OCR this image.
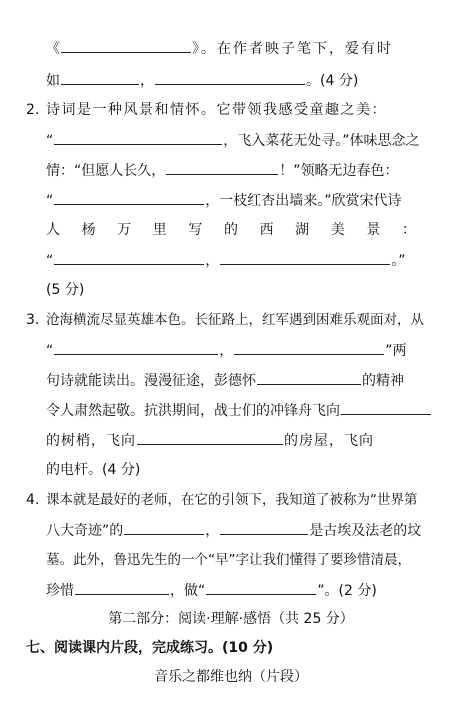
《	》。在作者映子笔下，爱有时
如	，	。(4 分)
2. 诗词是一种风景和情怀。它带领我感受童趣之美：
“	，飞入菜花无处寻。”体味思念之
情：“但愿人长久，	！”领略无边春色：
“	，一枝红杏出墙来。”欣赏宋代诗
人 杨 万 里 写 的 西 湖 美 景 ：
“	，	。”
(5 分)
3. 沧海横流尽显英雄本色。长征路上，红军遇到困难乐观面对，从
“	，	”两
句诗就能读出。漫漫征途，彭德怀	的精神
令人肃然起敬。抗洪期间，战士们的冲锋舟飞向
的树梢，飞向	的房屋，飞向
的电杆。(4 分)
4. 课本就是最好的老师，在它的引领下，我知道了被称为“世界第
八大奇迹”的	，	是古埃及法老的坟
墓。此外，鲁迅先生的一个“早”字让我们懂得了要珍惜清晨，
珍惜	，做“	”。(2 分)
第二部分：阅读·理解·感悟（共 25 分）
七、阅读课内片段，完成练习。(10 分)
音乐之都维也纳（片段）
